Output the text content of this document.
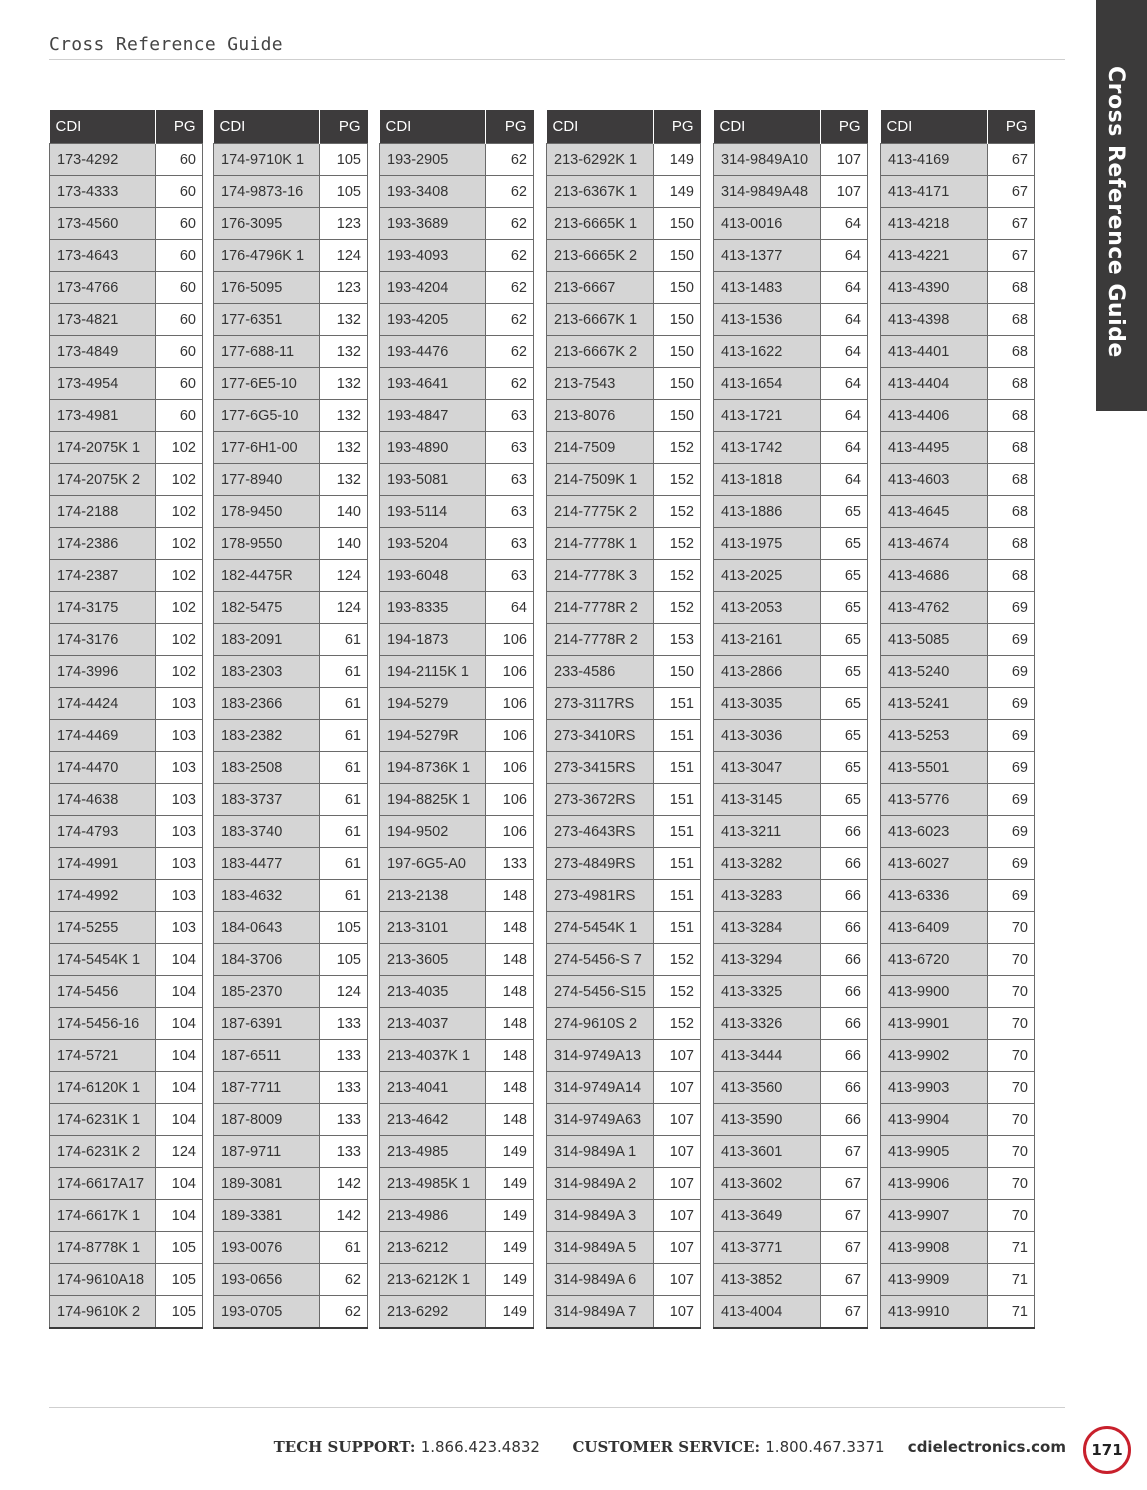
Cross Reference Guide
Cross Reference Guide
CDI	PG
173-4292	60
173-4333	60
173-4560	60
173-4643	60
173-4766	60
173-4821	60
173-4849	60
173-4954	60
173-4981	60
174-2075K 1	102
174-2075K 2	102
174-2188	102
174-2386	102
174-2387	102
174-3175	102
174-3176	102
174-3996	102
174-4424	103
174-4469	103
174-4470	103
174-4638	103
174-4793	103
174-4991	103
174-4992	103
174-5255	103
174-5454K 1	104
174-5456	104
174-5456-16	104
174-5721	104
174-6120K 1	104
174-6231K 1	104
174-6231K 2	124
174-6617A17	104
174-6617K 1	104
174-8778K 1	105
174-9610A18	105
174-9610K 2	105
CDI	PG
174-9710K 1	105
174-9873-16	105
176-3095	123
176-4796K 1	124
176-5095	123
177-6351	132
177-688-11	132
177-6E5-10	132
177-6G5-10	132
177-6H1-00	132
177-8940	132
178-9450	140
178-9550	140
182-4475R	124
182-5475	124
183-2091	61
183-2303	61
183-2366	61
183-2382	61
183-2508	61
183-3737	61
183-3740	61
183-4477	61
183-4632	61
184-0643	105
184-3706	105
185-2370	124
187-6391	133
187-6511	133
187-7711	133
187-8009	133
187-9711	133
189-3081	142
189-3381	142
193-0076	61
193-0656	62
193-0705	62
CDI	PG
193-2905	62
193-3408	62
193-3689	62
193-4093	62
193-4204	62
193-4205	62
193-4476	62
193-4641	62
193-4847	63
193-4890	63
193-5081	63
193-5114	63
193-5204	63
193-6048	63
193-8335	64
194-1873	106
194-2115K 1	106
194-5279	106
194-5279R	106
194-8736K 1	106
194-8825K 1	106
194-9502	106
197-6G5-A0	133
213-2138	148
213-3101	148
213-3605	148
213-4035	148
213-4037	148
213-4037K 1	148
213-4041	148
213-4642	148
213-4985	149
213-4985K 1	149
213-4986	149
213-6212	149
213-6212K 1	149
213-6292	149
CDI	PG
213-6292K 1	149
213-6367K 1	149
213-6665K 1	150
213-6665K 2	150
213-6667	150
213-6667K 1	150
213-6667K 2	150
213-7543	150
213-8076	150
214-7509	152
214-7509K 1	152
214-7775K 2	152
214-7778K 1	152
214-7778K 3	152
214-7778R 2	152
214-7778R 2	153
233-4586	150
273-3117RS	151
273-3410RS	151
273-3415RS	151
273-3672RS	151
273-4643RS	151
273-4849RS	151
273-4981RS	151
274-5454K 1	151
274-5456-S 7	152
274-5456-S15	152
274-9610S 2	152
314-9749A13	107
314-9749A14	107
314-9749A63	107
314-9849A 1	107
314-9849A 2	107
314-9849A 3	107
314-9849A 5	107
314-9849A 6	107
314-9849A 7	107
CDI	PG
314-9849A10	107
314-9849A48	107
413-0016	64
413-1377	64
413-1483	64
413-1536	64
413-1622	64
413-1654	64
413-1721	64
413-1742	64
413-1818	64
413-1886	65
413-1975	65
413-2025	65
413-2053	65
413-2161	65
413-2866	65
413-3035	65
413-3036	65
413-3047	65
413-3145	65
413-3211	66
413-3282	66
413-3283	66
413-3284	66
413-3294	66
413-3325	66
413-3326	66
413-3444	66
413-3560	66
413-3590	66
413-3601	67
413-3602	67
413-3649	67
413-3771	67
413-3852	67
413-4004	67
CDI	PG
413-4169	67
413-4171	67
413-4218	67
413-4221	67
413-4390	68
413-4398	68
413-4401	68
413-4404	68
413-4406	68
413-4495	68
413-4603	68
413-4645	68
413-4674	68
413-4686	68
413-4762	69
413-5085	69
413-5240	69
413-5241	69
413-5253	69
413-5501	69
413-5776	69
413-6023	69
413-6027	69
413-6336	69
413-6409	70
413-6720	70
413-9900	70
413-9901	70
413-9902	70
413-9903	70
413-9904	70
413-9905	70
413-9906	70
413-9907	70
413-9908	71
413-9909	71
413-9910	71
TECH SUPPORT: 1.866.423.4832 CUSTOMER SERVICE: 1.800.467.3371 cdielectronics.com	171
